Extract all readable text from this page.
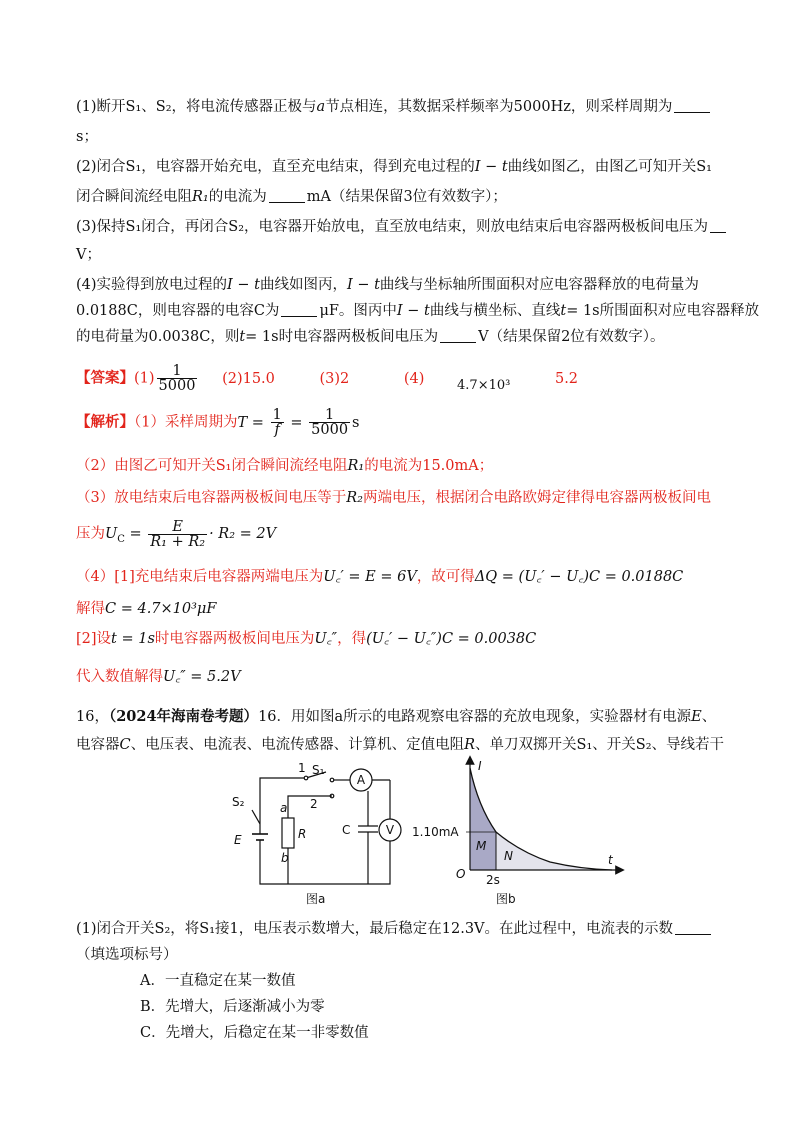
(1)断开S₁、S₂，将电流传感器正极与a节点相连，其数据采样频率为5000Hz，则采样周期为
s；
(2)闭合S₁，电容器开始充电，直至充电结束，得到充电过程的I − t曲线如图乙，由图乙可知开关S₁
闭合瞬间流经电阻R₁的电流为	mA（结果保留3位有效数字）；
(3)保持S₁闭合，再闭合S₂，电容器开始放电，直至放电结束，则放电结束后电容器两极板间电压为
V；
(4)实验得到放电过程的I − t曲线如图丙，I − t曲线与坐标轴所围面积对应电容器释放的电荷量为
0.0188C，则电容器的电容C为	μF。图丙中I − t曲线与横坐标、直线t= 1s所围面积对应电容器释放
的电荷量为0.0038C，则t= 1s时电容器两极板间电压为	V（结果保留2位有效数字）。
【答案】$(1) \frac{1}{5000} (2)15.0$	(3)2	(4)	4.7×10³	5.2
【解析】（1）采样周期为$T = \frac{1}{f} = \frac{1}{5000}$ s
（2）由图乙可知开关S₁闭合瞬间流经电阻R₁的电流为15.0mA；
（3）放电结束后电容器两极板间电压等于R₂两端电压，根据闭合电路欧姆定律得电容器两极板间电
压为$U_C = \frac{E}{\text{R₁ + R₂}} \cdot R_2 = 2V$
（4）[1]充电结束后电容器两端电压为U꜀′ = E = 6V，故可得ΔQ = (U꜀′ − U꜀)C = 0.0188C
解得C = 4.7×10³μF
[2]设t = 1s时电容器两极板间电压为U꜀″，得(U꜀′ − U꜀″)C = 0.0038C
代入数值解得U꜀″ = 5.2V
16，（2024年海南卷考题）16．用如图a所示的电路观察电容器的充放电现象，实验器材有电源E、
电容器C、电压表、电流表、电流传感器、计算机、定值电阻R、单刀双掷开关S₁、开关S₂、导线若干
1 S₁
2
S₂	a
R
b
E
C
A
V
图a
I
t
O
1.10mA
2s
M
N
图b
(1)闭合开关S₂，将S₁接1，电压表示数增大，最后稳定在12.3V。在此过程中，电流表的示数
（填选项标号）
A．一直稳定在某一数值
B．先增大，后逐渐减小为零
C．先增大，后稳定在某一非零数值
